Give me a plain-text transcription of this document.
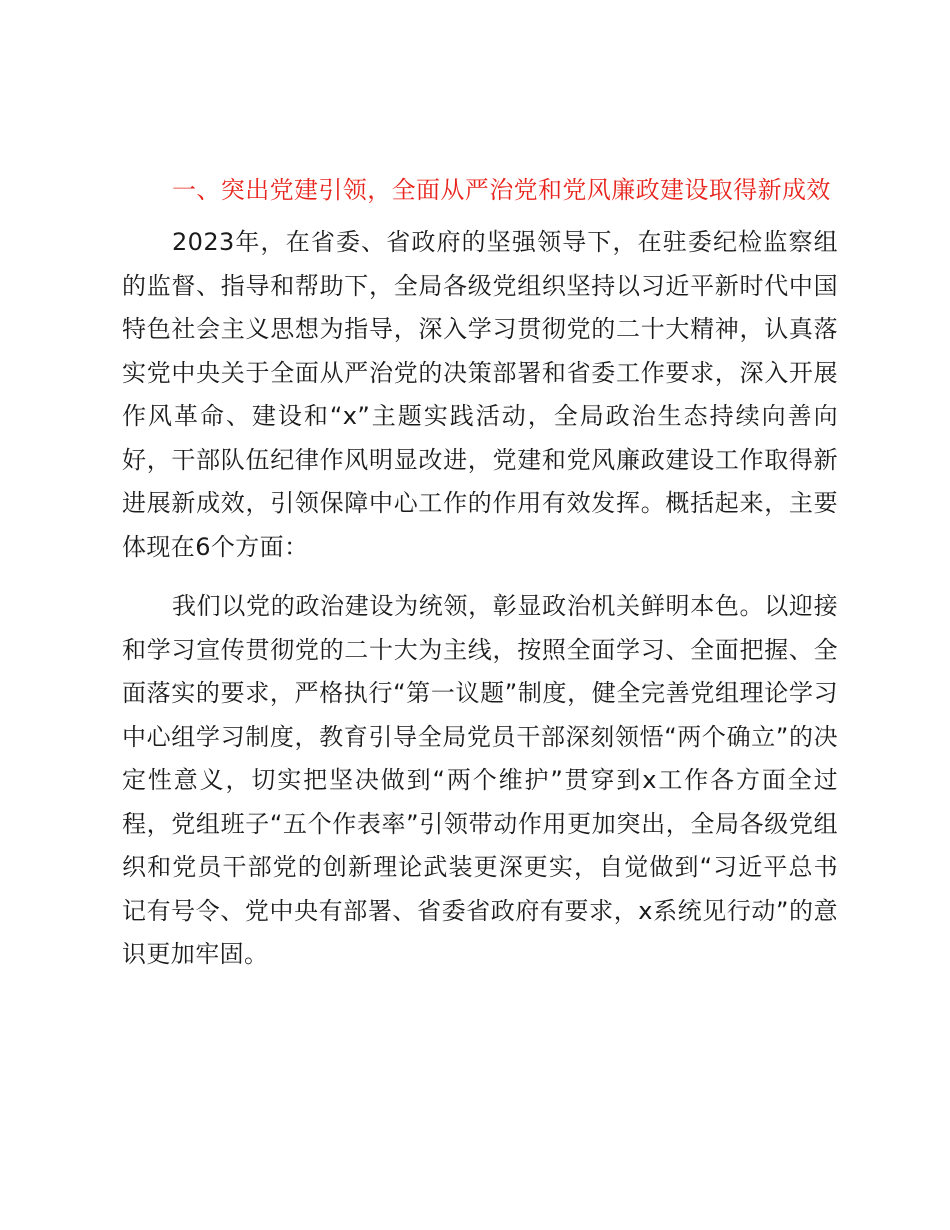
一、突出党建引领，全面从严治党和党风廉政建设取得新成效

2023年，在省委、省政府的坚强领导下，在驻委纪检监察组的监督、指导和帮助下，全局各级党组织坚持以习近平新时代中国特色社会主义思想为指导，深入学习贯彻党的二十大精神，认真落实党中央关于全面从严治党的决策部署和省委工作要求，深入开展作风革命、建设和“x”主题实践活动，全局政治生态持续向善向好，干部队伍纪律作风明显改进，党建和党风廉政建设工作取得新进展新成效，引领保障中心工作的作用有效发挥。概括起来，主要体现在6个方面：

我们以党的政治建设为统领，彰显政治机关鲜明本色。以迎接和学习宣传贯彻党的二十大为主线，按照全面学习、全面把握、全面落实的要求，严格执行“第一议题”制度，健全完善党组理论学习中心组学习制度，教育引导全局党员干部深刻领悟“两个确立”的决定性意义，切实把坚决做到“两个维护”贯穿到x工作各方面全过程，党组班子“五个作表率”引领带动作用更加突出，全局各级党组织和党员干部党的创新理论武装更深更实，自觉做到“习近平总书记有号令、党中央有部署、省委省政府有要求，x系统见行动”的意识更加牢固。
